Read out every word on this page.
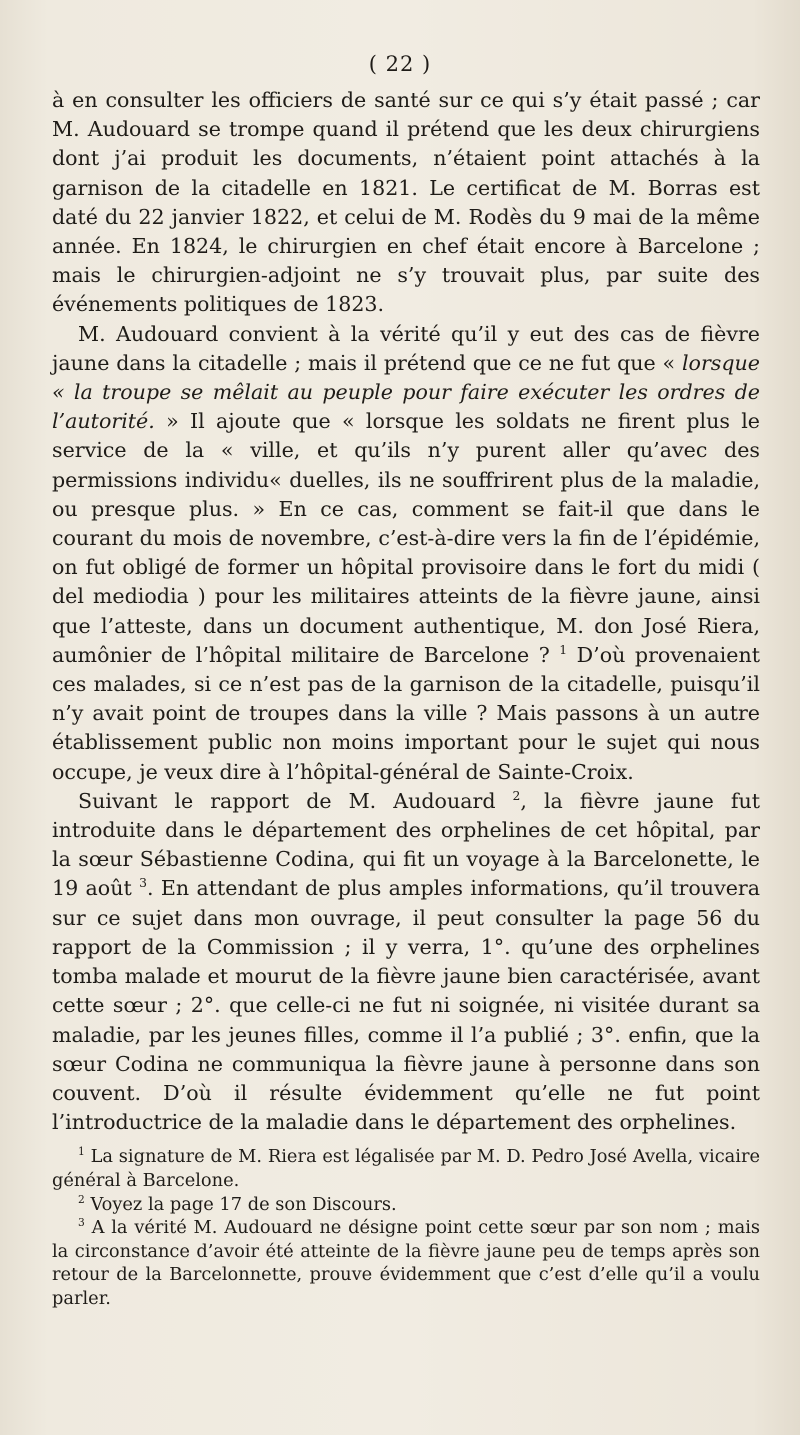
( 22 )

à en consulter les officiers de santé sur ce qui s’y était passé ; car M. Audouard se trompe quand il prétend que les deux chirurgiens dont j’ai produit les documents, n’étaient point attachés à la garnison de la citadelle en 1821. Le certificat de M. Borras est daté du 22 janvier 1822, et celui de M. Rodès du 9 mai de la même année. En 1824, le chirurgien en chef était encore à Barcelone ; mais le chirurgien-adjoint ne s’y trouvait plus, par suite des événements politiques de 1823.

M. Audouard convient à la vérité qu’il y eut des cas de fièvre jaune dans la citadelle ; mais il prétend que ce ne fut que « lorsque « la troupe se mêlait au peuple pour faire exécuter les ordres de l’autorité. » Il ajoute que « lorsque les soldats ne firent plus le service de la « ville, et qu’ils n’y purent aller qu’avec des permissions individu« duelles, ils ne souffrirent plus de la maladie, ou presque plus. » En ce cas, comment se fait-il que dans le courant du mois de novembre, c’est-à-dire vers la fin de l’épidémie, on fut obligé de former un hôpital provisoire dans le fort du midi ( del mediodia ) pour les militaires atteints de la fièvre jaune, ainsi que l’atteste, dans un document authentique, M. don José Riera, aumônier de l’hôpital militaire de Barcelone ? $^1$ D’où provenaient ces malades, si ce n’est pas de la garnison de la citadelle, puisqu’il n’y avait point de troupes dans la ville ? Mais passons à un autre établissement public non moins important pour le sujet qui nous occupe, je veux dire à l’hôpital-général de Sainte-Croix.

Suivant le rapport de M. Audouard $^2$, la fièvre jaune fut introduite dans le département des orphelines de cet hôpital, par la sœur Sébastienne Codina, qui fit un voyage à la Barcelonette, le 19 août $^3$. En attendant de plus amples informations, qu’il trouvera sur ce sujet dans mon ouvrage, il peut consulter la page 56 du rapport de la Commission ; il y verra, 1°. qu’une des orphelines tomba malade et mourut de la fièvre jaune bien caractérisée, avant cette sœur ; 2°. que celle-ci ne fut ni soignée, ni visitée durant sa maladie, par les jeunes filles, comme il l’a publié ; 3°. enfin, que la sœur Codina ne communiqua la fièvre jaune à personne dans son couvent. D’où il résulte évidemment qu’elle ne fut point l’introductrice de la maladie dans le département des orphelines.

$^1$ La signature de M. Riera est légalisée par M. D. Pedro José Avella, vicaire général à Barcelone.

$^2$ Voyez la page 17 de son Discours.

$^3$ A la vérité M. Audouard ne désigne point cette sœur par son nom ; mais la circonstance d’avoir été atteinte de la fièvre jaune peu de temps après son retour de la Barcelonnette, prouve évidemment que c’est d’elle qu’il a voulu parler.
